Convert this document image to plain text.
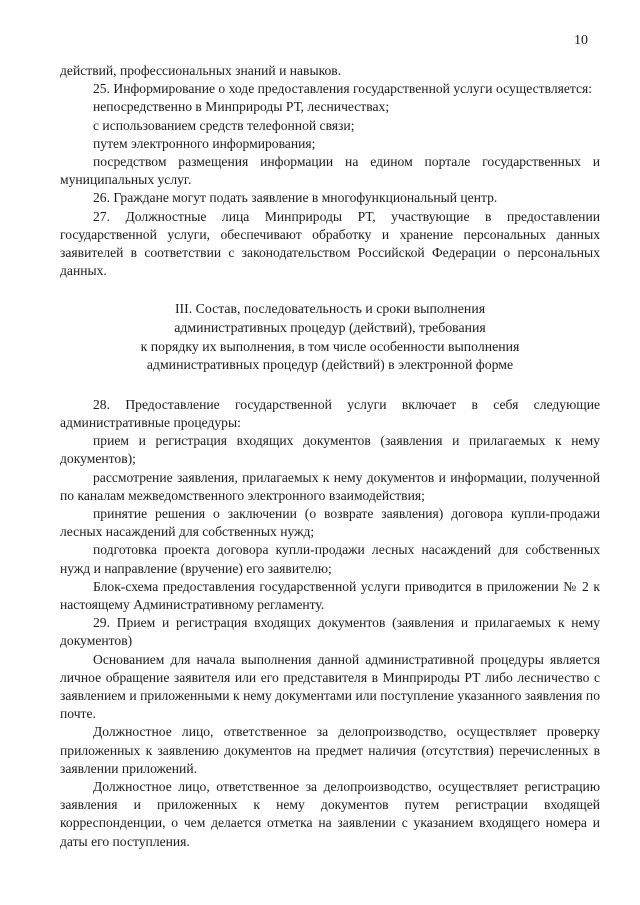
10

действий, профессиональных знаний и навыков.

25. Информирование о ходе предоставления государственной услуги осуществляется:

непосредственно в Минприроды РТ, лесничествах;

с использованием средств телефонной связи;

путем электронного информирования;

посредством размещения информации на едином портале государственных и муниципальных услуг.

26. Граждане могут подать заявление в многофункциональный центр.

27. Должностные лица Минприроды РТ, участвующие в предоставлении государственной услуги, обеспечивают обработку и хранение персональных данных заявителей в соответствии с законодательством Российской Федерации о персональных данных.

III. Состав, последовательность и сроки выполнения
административных процедур (действий), требования
к порядку их выполнения, в том числе особенности выполнения
административных процедур (действий) в электронной форме

28. Предоставление государственной услуги включает в себя следующие административные процедуры:

прием и регистрация входящих документов (заявления и прилагаемых к нему документов);

рассмотрение заявления, прилагаемых к нему документов и информации, полученной по каналам межведомственного электронного взаимодействия;

принятие решения о заключении (о возврате заявления) договора купли-продажи лесных насаждений для собственных нужд;

подготовка проекта договора купли-продажи лесных насаждений для собственных нужд и направление (вручение) его заявителю;

Блок-схема предоставления государственной услуги приводится в приложении № 2 к настоящему Административному регламенту.

29. Прием и регистрация входящих документов (заявления и прилагаемых к нему документов)

Основанием для начала выполнения данной административной процедуры является личное обращение заявителя или его представителя в Минприроды РТ либо лесничество с заявлением и приложенными к нему документами или поступление указанного заявления по почте.

Должностное лицо, ответственное за делопроизводство, осуществляет проверку приложенных к заявлению документов на предмет наличия (отсутствия) перечисленных в заявлении приложений.

Должностное лицо, ответственное за делопроизводство, осуществляет регистрацию заявления и приложенных к нему документов путем регистрации входящей корреспонденции, о чем делается отметка на заявлении с указанием входящего номера и даты его поступления.
